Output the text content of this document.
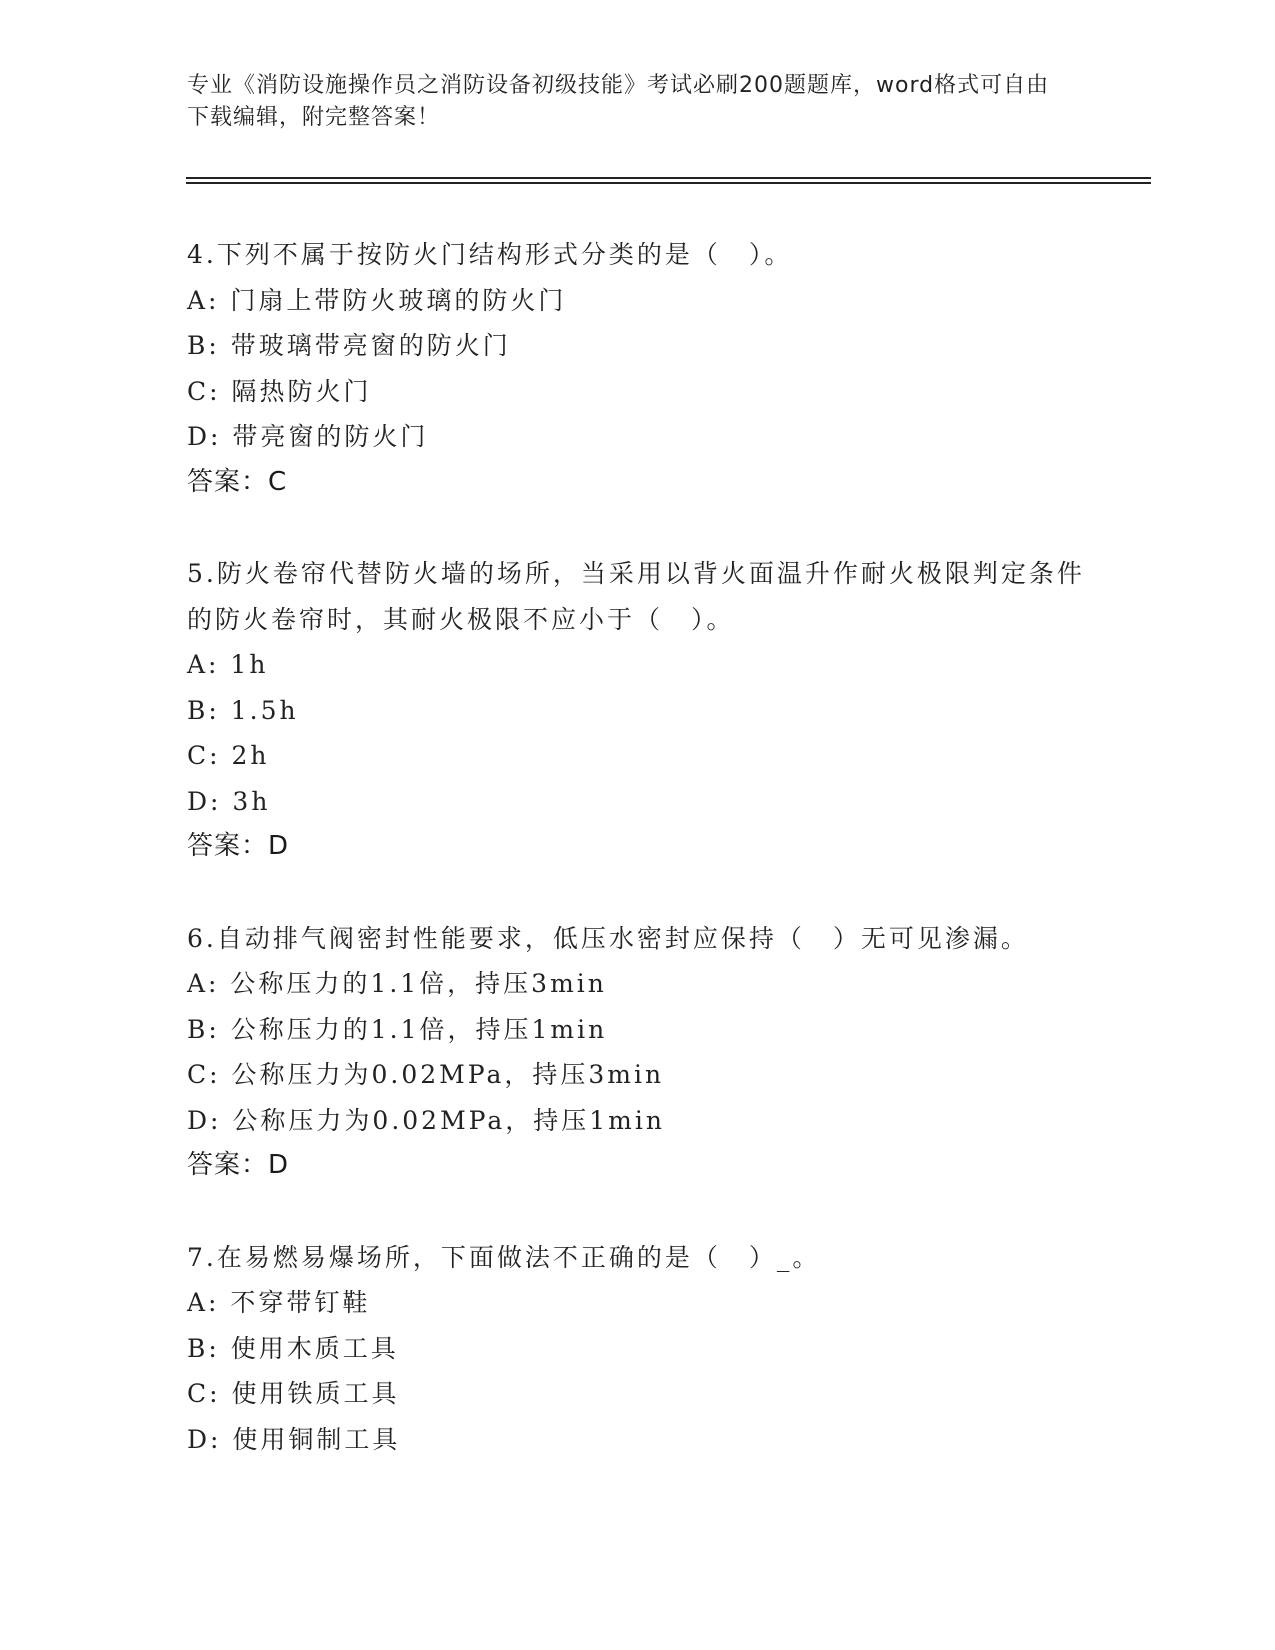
专业《消防设施操作员之消防设备初级技能》考试必刷200题题库，word格式可自由下载编辑，附完整答案！

4.下列不属于按防火门结构形式分类的是（　）。

A: 门扇上带防火玻璃的防火门

B: 带玻璃带亮窗的防火门

C: 隔热防火门

D: 带亮窗的防火门

答案：C

5.防火卷帘代替防火墙的场所，当采用以背火面温升作耐火极限判定条件的防火卷帘时，其耐火极限不应小于（　）。

A: 1h

B: 1.5h

C: 2h

D: 3h

答案：D

6.自动排气阀密封性能要求，低压水密封应保持（　）无可见渗漏。

A: 公称压力的1.1倍，持压3min

B: 公称压力的1.1倍，持压1min

C: 公称压力为0.02MPa，持压3min

D: 公称压力为0.02MPa，持压1min

答案：D

7.在易燃易爆场所，下面做法不正确的是（　）_。

A: 不穿带钉鞋

B: 使用木质工具

C: 使用铁质工具

D: 使用铜制工具
